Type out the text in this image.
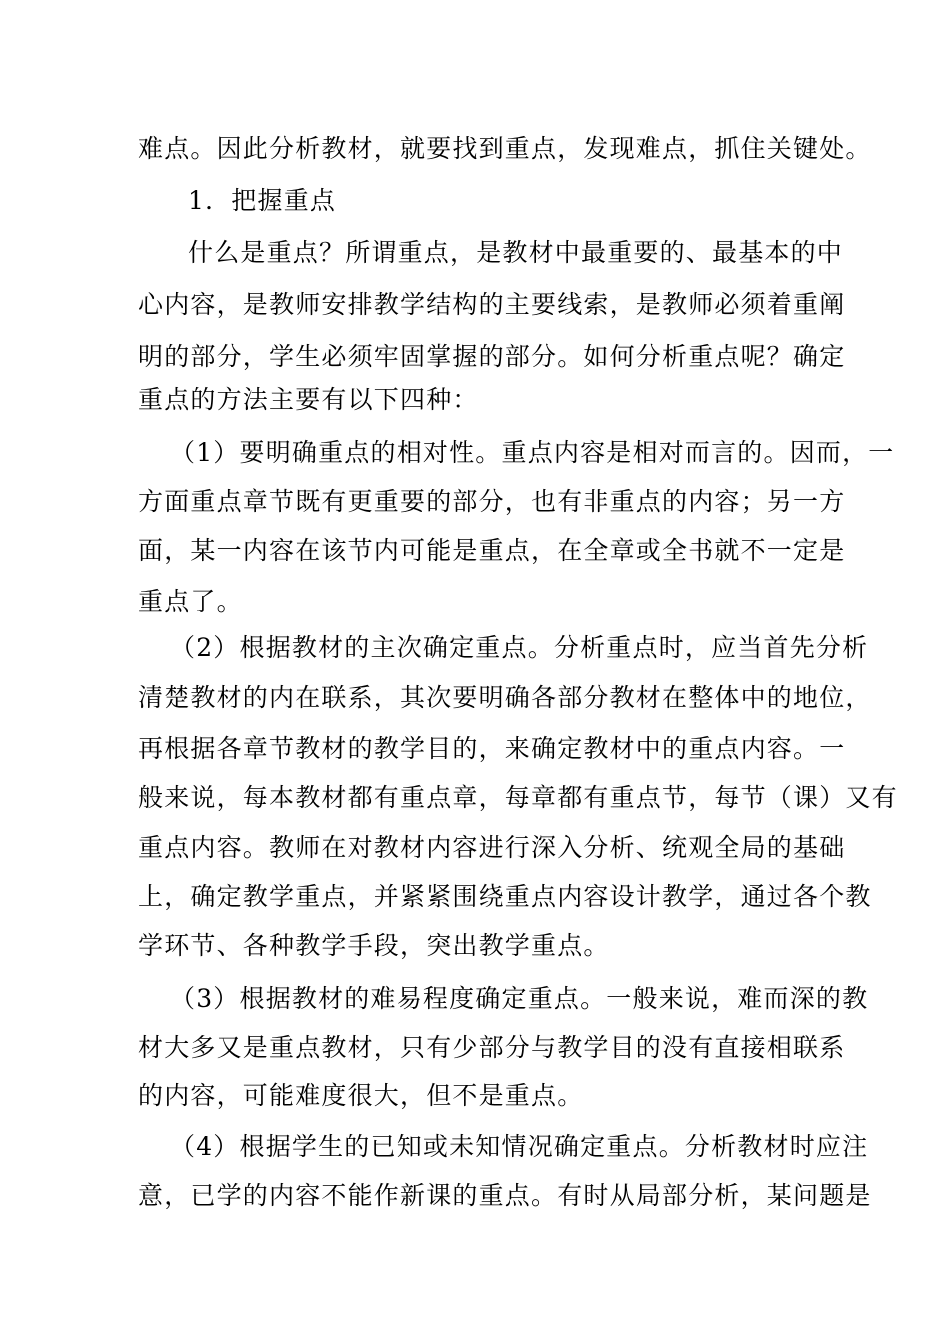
难点。因此分析教材，就要找到重点，发现难点，抓住关键处。
1．把握重点
什么是重点？所谓重点，是教材中最重要的、最基本的中
心内容，是教师安排教学结构的主要线索，是教师必须着重阐
明的部分，学生必须牢固掌握的部分。如何分析重点呢？确定
重点的方法主要有以下四种：
（1）要明确重点的相对性。重点内容是相对而言的。因而，一
方面重点章节既有更重要的部分，也有非重点的内容；另一方
面，某一内容在该节内可能是重点，在全章或全书就不一定是
重点了。
（2）根据教材的主次确定重点。分析重点时，应当首先分析
清楚教材的内在联系，其次要明确各部分教材在整体中的地位，
再根据各章节教材的教学目的，来确定教材中的重点内容。一
般来说，每本教材都有重点章，每章都有重点节，每节（课）又有
重点内容。教师在对教材内容进行深入分析、统观全局的基础
上，确定教学重点，并紧紧围绕重点内容设计教学，通过各个教
学环节、各种教学手段，突出教学重点。
（3）根据教材的难易程度确定重点。一般来说，难而深的教
材大多又是重点教材，只有少部分与教学目的没有直接相联系
的内容，可能难度很大，但不是重点。
（4）根据学生的已知或未知情况确定重点。分析教材时应注
意，已学的内容不能作新课的重点。有时从局部分析，某问题是
